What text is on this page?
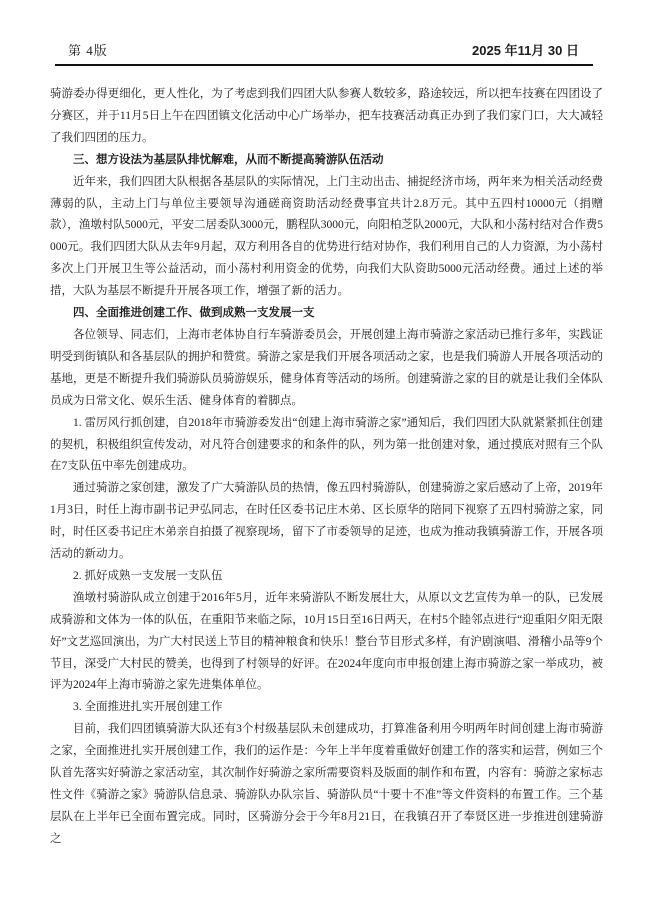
第 4版	2025 年11月 30 日

骑游委办得更细化，更人性化，为了考虑到我们四团大队参赛人数较多，路途较远，所以把车技赛在四团设了分赛区，并于11月5日上午在四团镇文化活动中心广场举办，把车技赛活动真正办到了我们家门口，大大减轻了我们四团的压力。

三、想方设法为基层队排忧解难，从而不断提高骑游队伍活动

近年来，我们四团大队根据各基层队的实际情况，上门主动出击、捕捉经济市场，两年来为相关活动经费薄弱的队，主动上门与单位主要领导沟通磋商资助活动经费事宜共计2.8万元。其中五四村10000元（捐赠款），渔墩村队5000元，平安二居委队3000元，鹏程队3000元，向阳柏芝队2000元，大队和小荡村结对合作费5000元。我们四团大队从去年9月起，双方利用各自的优势进行结对协作，我们利用自己的人力资源，为小荡村多次上门开展卫生等公益活动，而小荡村利用资金的优势，向我们大队资助5000元活动经费。通过上述的举措，大队为基层不断提升开展各项工作，增强了新的活力。

四、全面推进创建工作、做到成熟一支发展一支

各位领导、同志们，上海市老体协自行车骑游委员会，开展创建上海市骑游之家活动已推行多年，实践证明受到街镇队和各基层队的拥护和赞赏。骑游之家是我们开展各项活动之家，也是我们骑游人开展各项活动的基地，更是不断提升我们骑游队员骑游娱乐，健身体育等活动的场所。创建骑游之家的目的就是让我们全体队员成为日常文化、娱乐生活、健身体育的着脚点。

1. 雷厉风行抓创建，自2018年市骑游委发出“创建上海市骑游之家”通知后，我们四团大队就紧紧抓住创建的契机，积极组织宣传发动，对凡符合创建要求的和条件的队，列为第一批创建对象，通过摸底对照有三个队在7支队伍中率先创建成功。

通过骑游之家创建，激发了广大骑游队员的热情，像五四村骑游队，创建骑游之家后感动了上帝，2019年1月3日，时任上海市副书记尹弘同志，在时任区委书记庄木弟、区长原华的陪同下视察了五四村骑游之家，同时，时任区委书记庄木弟亲自拍摄了视察现场，留下了市委领导的足迹，也成为推动我镇骑游工作，开展各项活动的新动力。

2. 抓好成熟一支发展一支队伍

渔墩村骑游队成立创建于2016年5月，近年来骑游队不断发展壮大，从原以文艺宣传为单一的队，已发展成骑游和文体为一体的队伍，在重阳节来临之际，10月15日至16日两天，在村5个睦邻点进行“迎重阳夕阳无限好”文艺巡回演出，为广大村民送上节目的精神粮食和快乐！整台节目形式多样，有沪剧演唱、滑稽小品等9个节目，深受广大村民的赞美，也得到了村领导的好评。在2024年度向市申报创建上海市骑游之家一举成功，被评为2024年上海市骑游之家先进集体单位。

3. 全面推进扎实开展创建工作

目前，我们四团镇骑游大队还有3个村级基层队未创建成功，打算准备利用今明两年时间创建上海市骑游之家，全面推进扎实开展创建工作，我们的运作是：今年上半年度着重做好创建工作的落实和运营，例如三个队首先落实好骑游之家活动室，其次制作好骑游之家所需要资料及版面的制作和布置，内容有：骑游之家标志性文件《骑游之家》骑游队信息录、骑游队办队宗旨、骑游队员“十要十不准”等文件资料的布置工作。三个基层队在上半年已全面布置完成。同时，区骑游分会于今年8月21日，在我镇召开了奉贤区进一步推进创建骑游之
